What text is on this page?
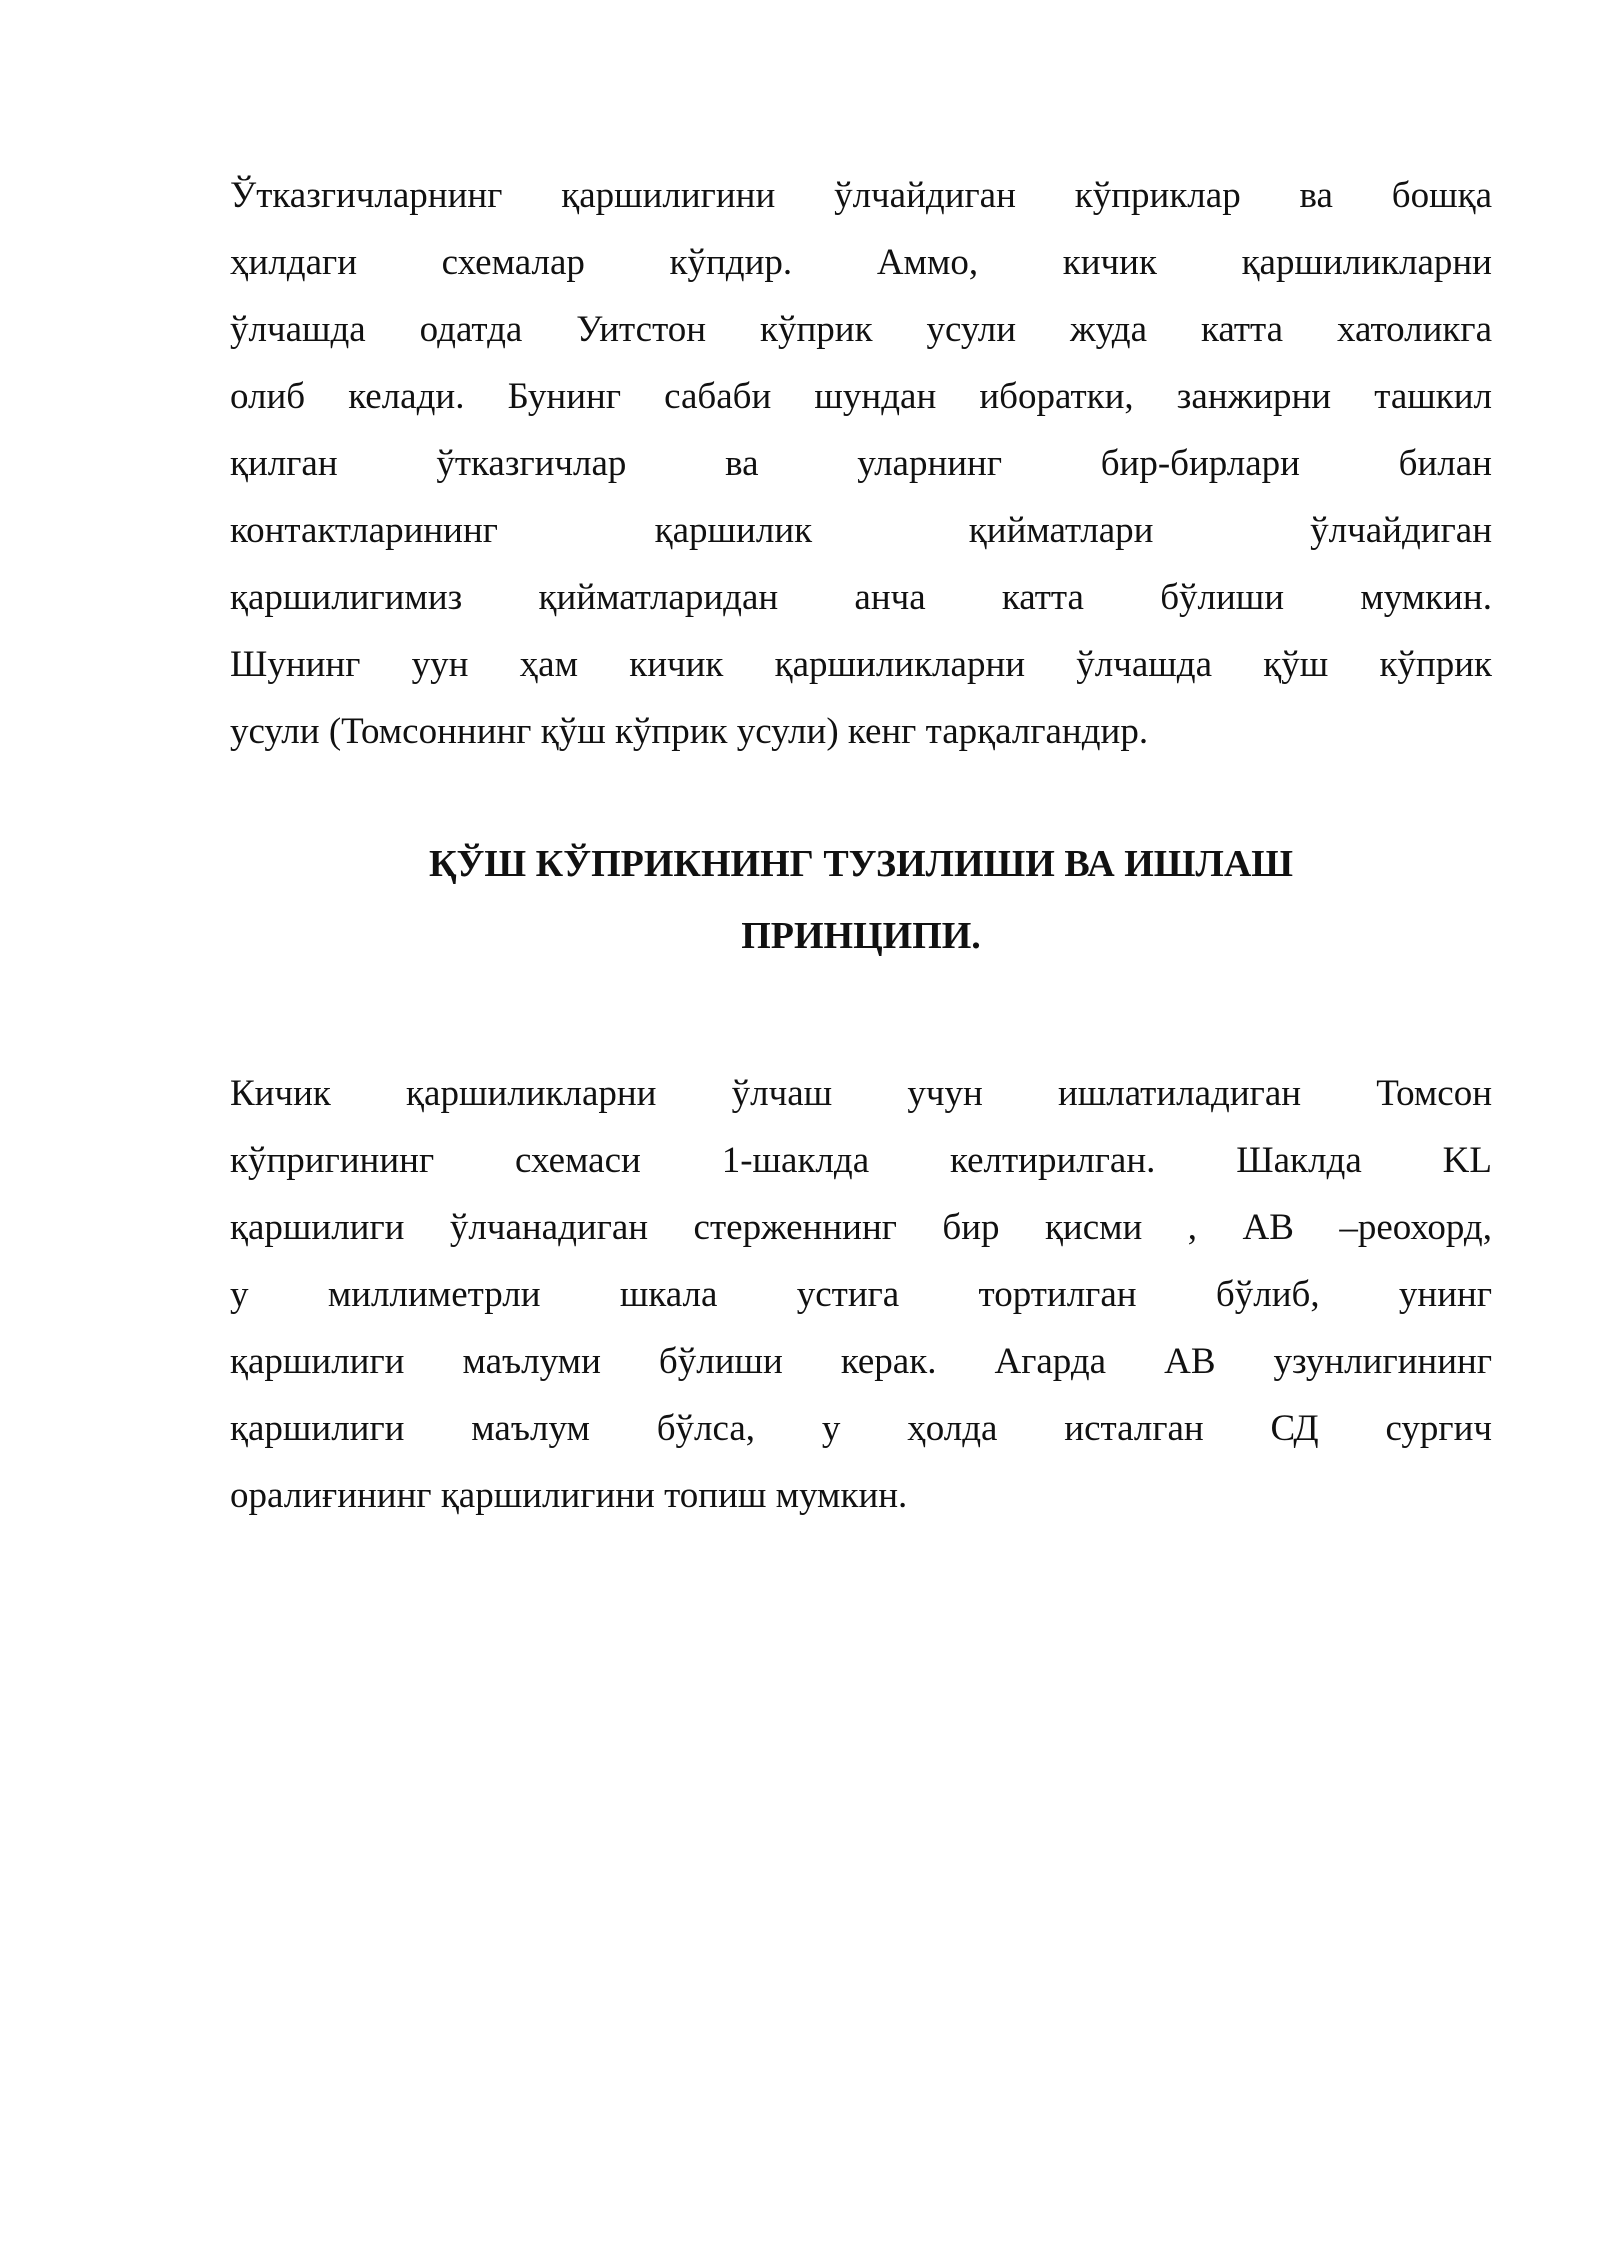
Ўтказгичларнинг қаршилигини ўлчайдиган кўприклар ва бошқа
ҳилдаги схемалар кўпдир. Аммо, кичик қаршиликларни
ўлчашда одатда Уитстон кўприк усули жуда катта хатоликга
олиб келади. Бунинг сабаби шундан иборатки, занжирни ташкил
қилган ўтказгичлар ва уларнинг бир-бирлари билан
контактларининг қаршилик қийматлари ўлчайдиган
қаршилигимиз қийматларидан анча катта бўлиши мумкин.
Шунинг уун ҳам кичик қаршиликларни ўлчашда қўш кўприк
усули (Томсоннинг қўш кўприк усули) кенг тарқалгандир.
ҚЎШ КЎПРИКНИНГ ТУЗИЛИШИ ВА ИШЛАШ
ПРИНЦИПИ.
Кичик қаршиликларни ўлчаш учун ишлатиладиган Томсон
кўпригининг схемаси 1-шаклда келтирилган. Шаклда KL
қаршилиги ўлчанадиган стерженнинг бир қисми , АВ –реохорд,
у миллиметрли шкала устига тортилган бўлиб, унинг
қаршилиги маълуми бўлиши керак. Агарда АВ узунлигининг
қаршилиги маълум бўлса, у ҳолда исталган СД сургич
оралиғининг қаршилигини топиш мумкин.
